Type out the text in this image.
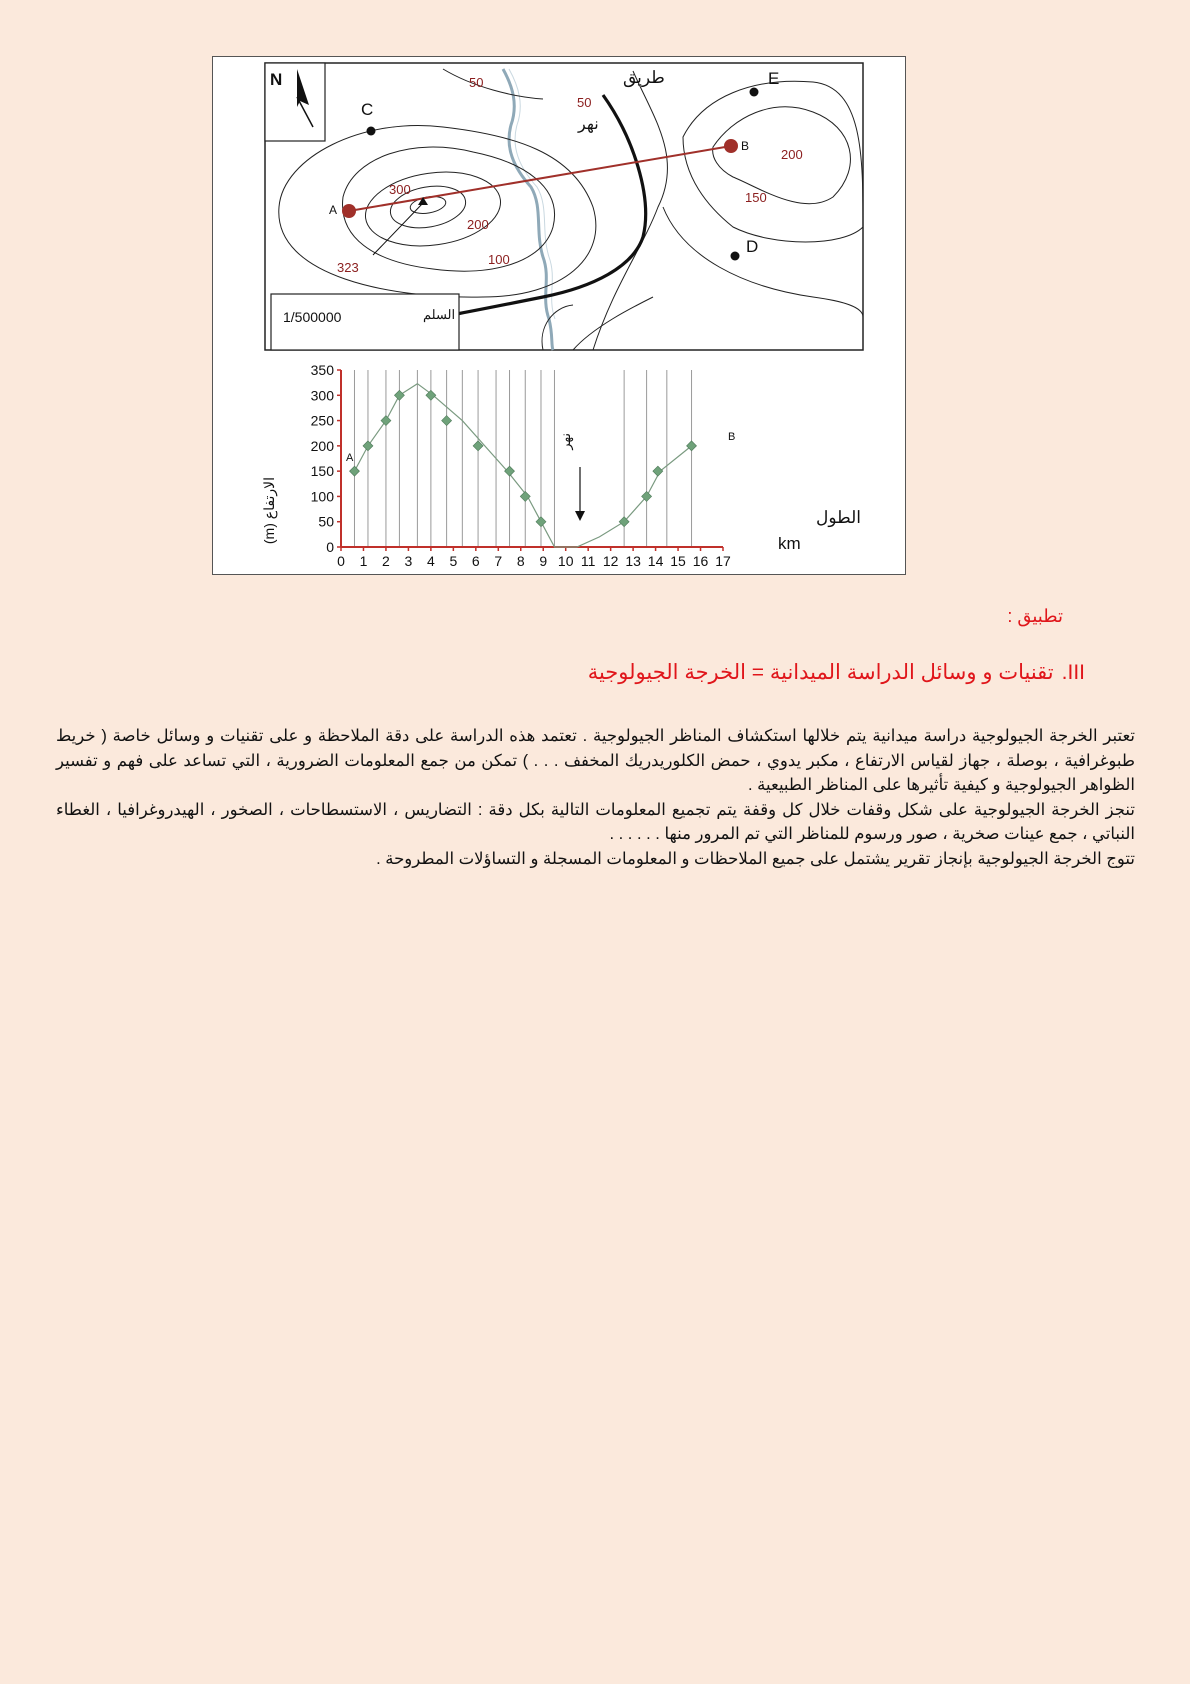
N
A
B
C
E
D
50
50
300
200
200
150
100
323
طريق
نهر
1/500000	السلم
0
50
100
150
200
250
300
350
0 1 2 3 4 5 6 7 8 9 10 11 12 13 14 15 16 17
الارتفاع (m)	الطول
km
A
B
نهر
تطبيق :
III.تقنيات و وسائل الدراسة الميدانية = الخرجة الجيولوجية

تعتبر الخرجة الجيولوجية دراسة ميدانية يتم خلالها استكشاف المناظر الجيولوجية . تعتمد هذه الدراسة على دقة الملاحظة و على تقنيات و وسائل خاصة ( خريط طبوغرافية ، بوصلة ، جهاز لقياس الارتفاع ، مكبر يدوي ، حمض الكلوريدريك المخفف . . . ) تمكن من جمع المعلومات الضرورية ، التي تساعد على فهم و تفسير الظواهر الجيولوجية و كيفية تأثيرها على المناظر الطبيعية .

تنجز الخرجة الجيولوجية على شكل وقفات خلال كل وقفة يتم تجميع المعلومات التالية بكل دقة : التضاريس ، الاستسطاحات ، الصخور ، الهيدروغرافيا ، الغطاء النباتي ، جمع عينات صخرية ، صور ورسوم للمناظر التي تم المرور منها . . . . . .

تتوج الخرجة الجيولوجية بإنجاز تقرير يشتمل على جميع الملاحظات و المعلومات المسجلة و التساؤلات المطروحة .
